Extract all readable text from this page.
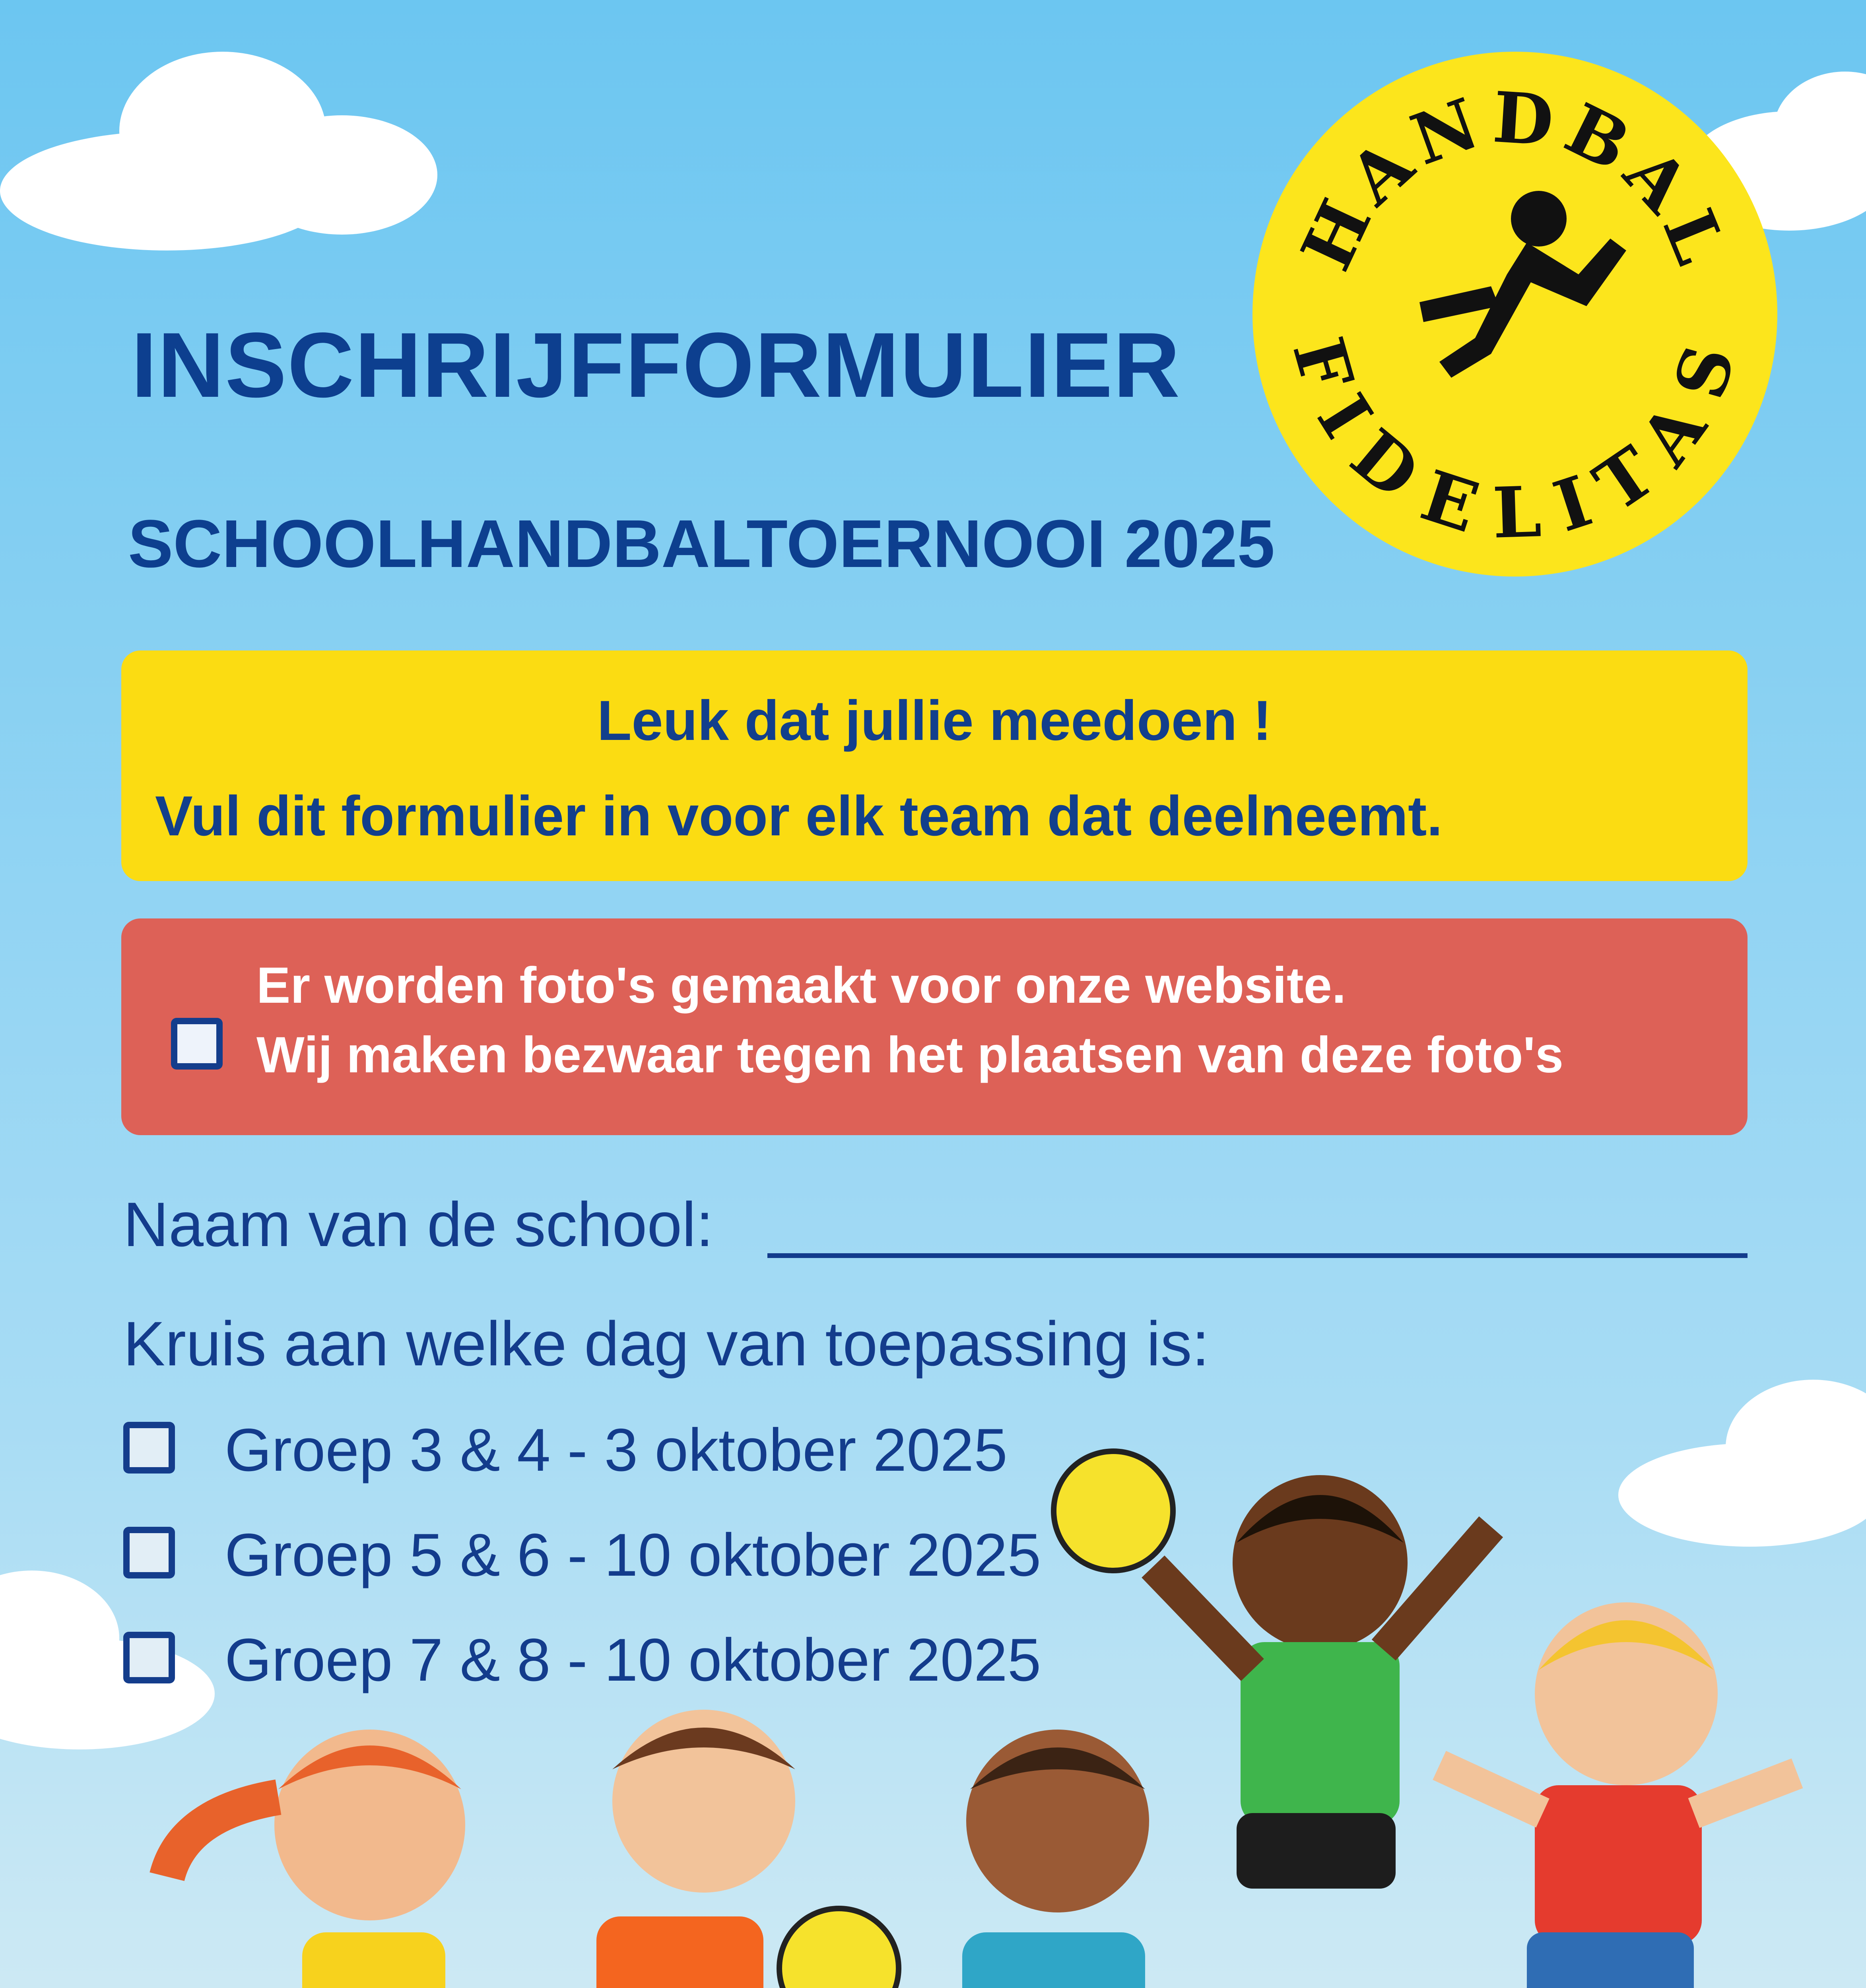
HANDBAL
FIDELITAS
INSCHRIJFFORMULIER
SCHOOLHANDBALTOERNOOI 2025
Leuk dat jullie meedoen !
Vul dit formulier in voor elk team dat deelneemt.
Er worden foto's gemaakt voor onze website.
Wij maken bezwaar tegen het plaatsen van deze foto's
Naam van de school:
Kruis aan welke dag van toepassing is:
Groep 3 & 4 - 3 oktober 2025
Groep 5 & 6 - 10 oktober 2025
Groep 7 & 8 - 10 oktober 2025
